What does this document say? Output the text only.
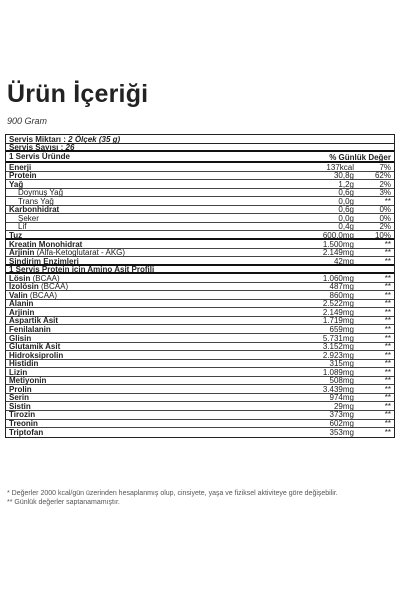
Ürün İçeriği
900 Gram
Servis Miktarı : 2 Ölçek (35 g)
Servis Sayısı : 26
1 Servis Üründe	% Günlük Değer
Enerji	137kcal	7%
Protein	30,8g	62%
Yağ	1,2g	2%
Doymuş Yağ	0,6g	3%
Trans Yağ	0,0g	**
Karbonhidrat	0,6g	0%
Şeker	0,0g	0%
Lif	0,4g	2%
Tuz	600,0mg	10%
Kreatin Monohidrat	1.500mg	**
Arjinin (Alfa-Ketoglutarat - AKG)	2.149mg	**
Sindirim Enzimleri	42mg	**
1 Servis Protein için Amino Asit Profili
Lösin (BCAA)	1.060mg	**
İzolösin (BCAA)	487mg	**
Valin (BCAA)	860mg	**
Alanin	2.522mg	**
Arjinin	2.149mg	**
Aspartik Asit	1.719mg	**
Fenilalanin	659mg	**
Glisin	5.731mg	**
Glutamik Asit	3.152mg	**
Hidroksiprolin	2.923mg	**
Histidin	315mg	**
Lizin	1.089mg	**
Metiyonin	508mg	**
Prolin	3.439mg	**
Serin	974mg	**
Sistin	29mg	**
Tirozin	373mg	**
Treonin	602mg	**
Triptofan	353mg	**
* Değerler 2000 kcal/gün üzerinden hesaplanmış olup, cinsiyete, yaşa ve fiziksel aktiviteye göre değişebilir.
** Günlük değerler saptanamamıştır.
